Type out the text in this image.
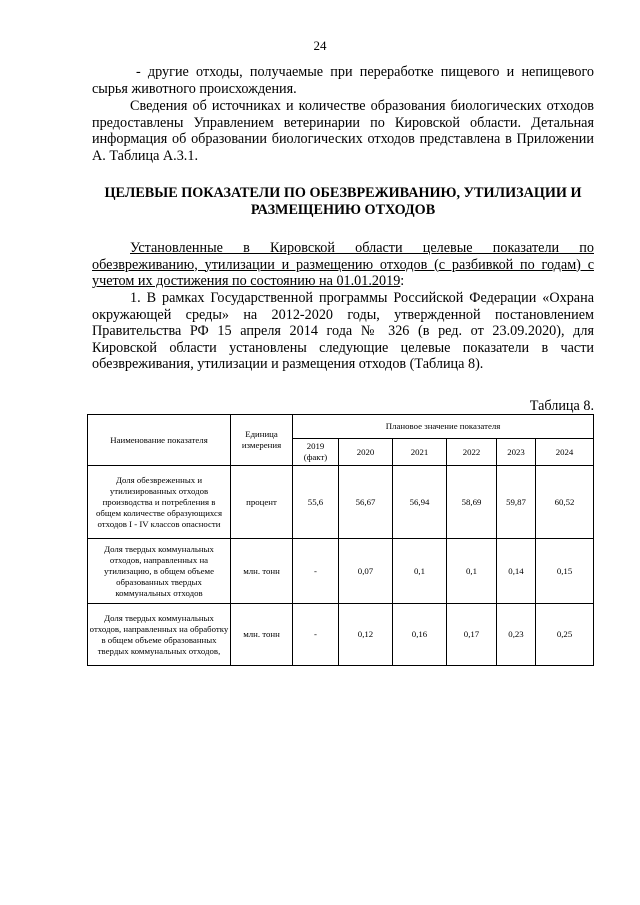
24

- другие отходы, получаемые при переработке пищевого и непищевого сырья животного происхождения.

Сведения об источниках и количестве образования биологических отходов предоставлены Управлением ветеринарии по Кировской области. Детальная информация об образовании биологических отходов представлена в Приложении А. Таблица А.3.1.

ЦЕЛЕВЫЕ ПОКАЗАТЕЛИ ПО ОБЕЗВРЕЖИВАНИЮ, УТИЛИЗАЦИИ И РАЗМЕЩЕНИЮ ОТХОДОВ

Установленные в Кировской области целевые показатели по обезвреживанию, утилизации и размещению отходов (с разбивкой по годам) с учетом их достижения по состоянию на 01.01.2019:

1. В рамках Государственной программы Российской Федерации «Охрана окружающей среды» на 2012-2020 годы, утвержденной постановлением Правительства РФ 15 апреля 2014 года № 326 (в ред. от 23.09.2020), для Кировской области установлены следующие целевые показатели в части обезвреживания, утилизации и размещения отходов (Таблица 8).

Таблица 8.
Наименование показателя	Единица измерения	Плановое значение показателя					
		2019 (факт)	2020	2021	2022	2023	2024
Доля обезвреженных и утилизированных отходов производства и потребления в общем количестве образующихся отходов I - IV классов опасности	процент	55,6	56,67	56,94	58,69	59,87	60,52
Доля твердых коммунальных отходов, направленных на утилизацию, в общем объеме образованных твердых коммунальных отходов	млн. тонн	-	0,07	0,1	0,1	0,14	0,15
Доля твердых коммунальных отходов, направленных на обработку в общем объеме образованных твердых коммунальных отходов,	млн. тонн	-	0,12	0,16	0,17	0,23	0,25
